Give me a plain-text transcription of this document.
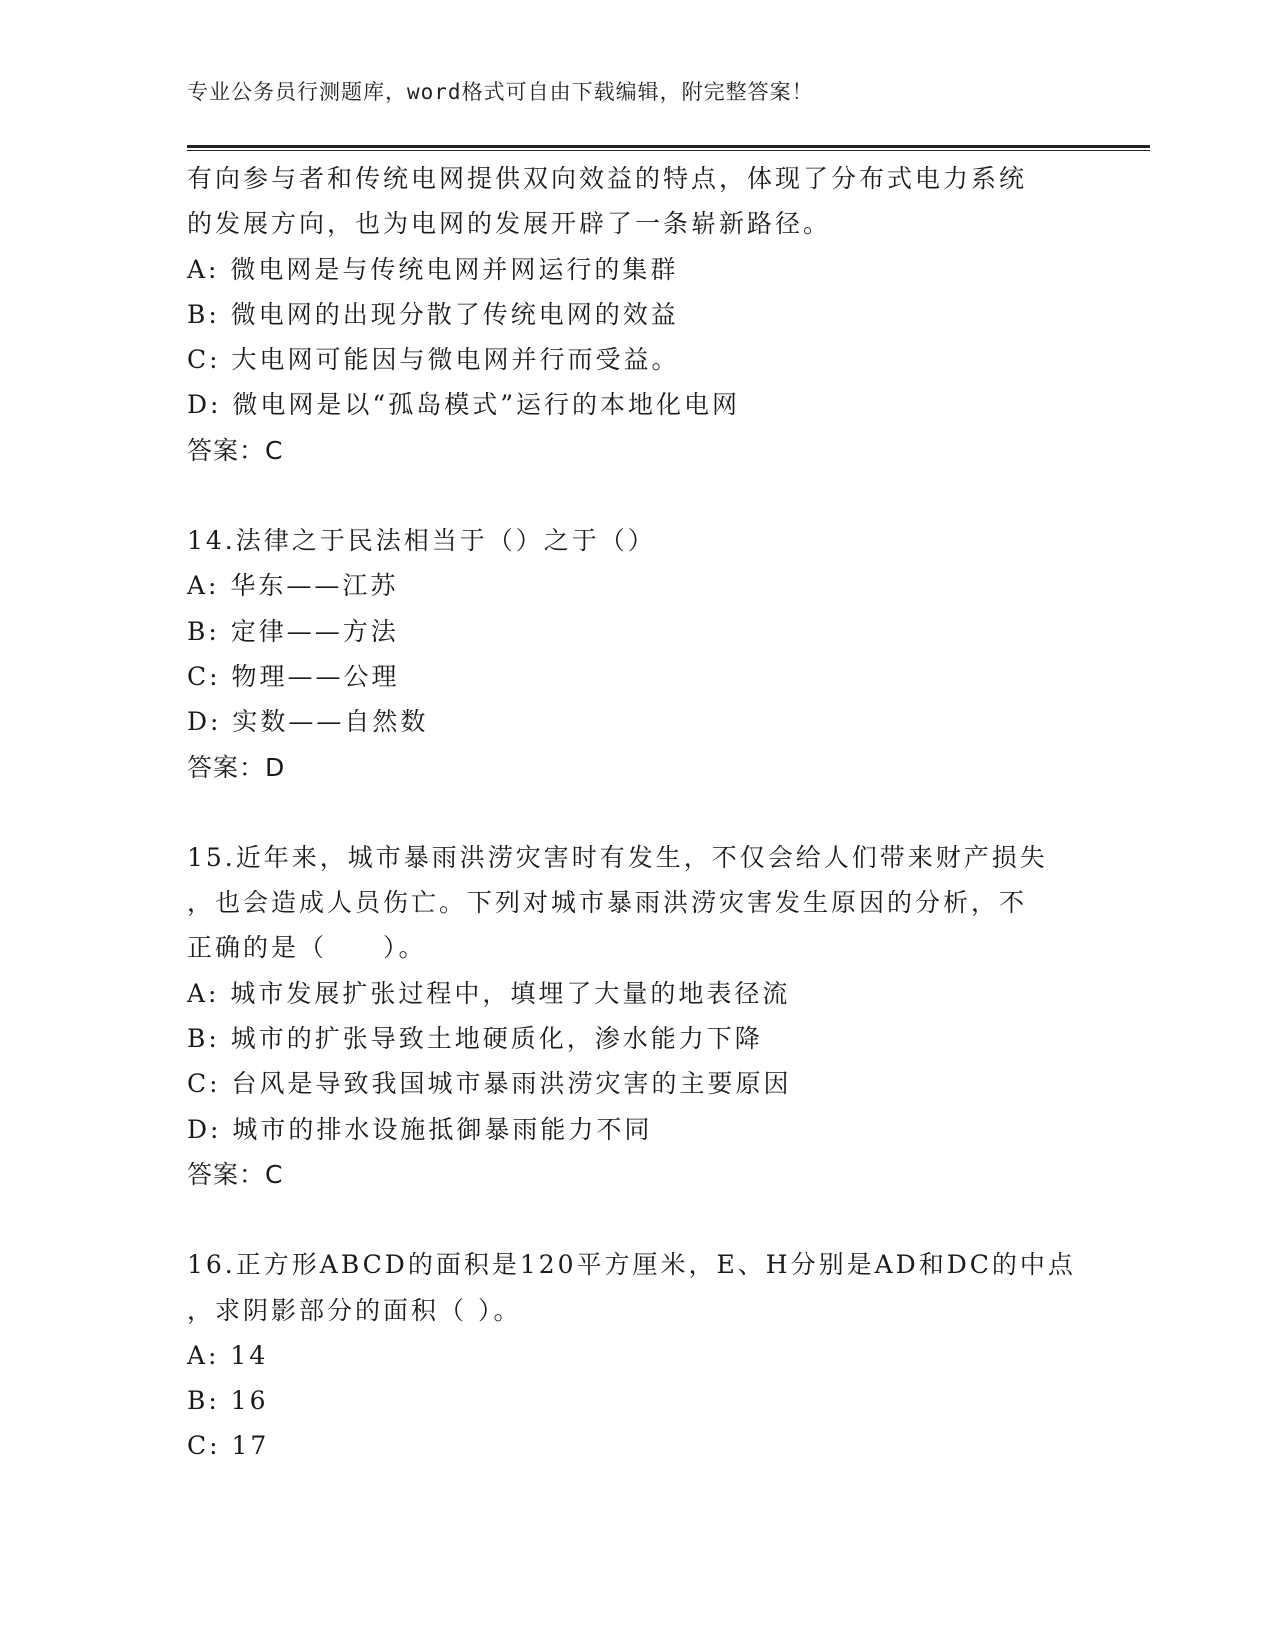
专业公务员行测题库，word格式可自由下载编辑，附完整答案！
有向参与者和传统电网提供双向效益的特点，体现了分布式电力系统
的发展方向，也为电网的发展开辟了一条崭新路径。
A: 微电网是与传统电网并网运行的集群
B: 微电网的出现分散了传统电网的效益
C: 大电网可能因与微电网并行而受益。
D: 微电网是以“孤岛模式”运行的本地化电网
答案：C
14.法律之于民法相当于（）之于（）
A: 华东——江苏
B: 定律——方法
C: 物理——公理
D: 实数——自然数
答案：D
15.近年来，城市暴雨洪涝灾害时有发生，不仅会给人们带来财产损失
，也会造成人员伤亡。下列对城市暴雨洪涝灾害发生原因的分析，不
正确的是（　　）。
A: 城市发展扩张过程中，填埋了大量的地表径流
B: 城市的扩张导致土地硬质化，渗水能力下降
C: 台风是导致我国城市暴雨洪涝灾害的主要原因
D: 城市的排水设施抵御暴雨能力不同
答案：C
16.正方形ABCD的面积是120平方厘米，E、H分别是AD和DC的中点
，求阴影部分的面积（ ）。
A: 14
B: 16
C: 17
